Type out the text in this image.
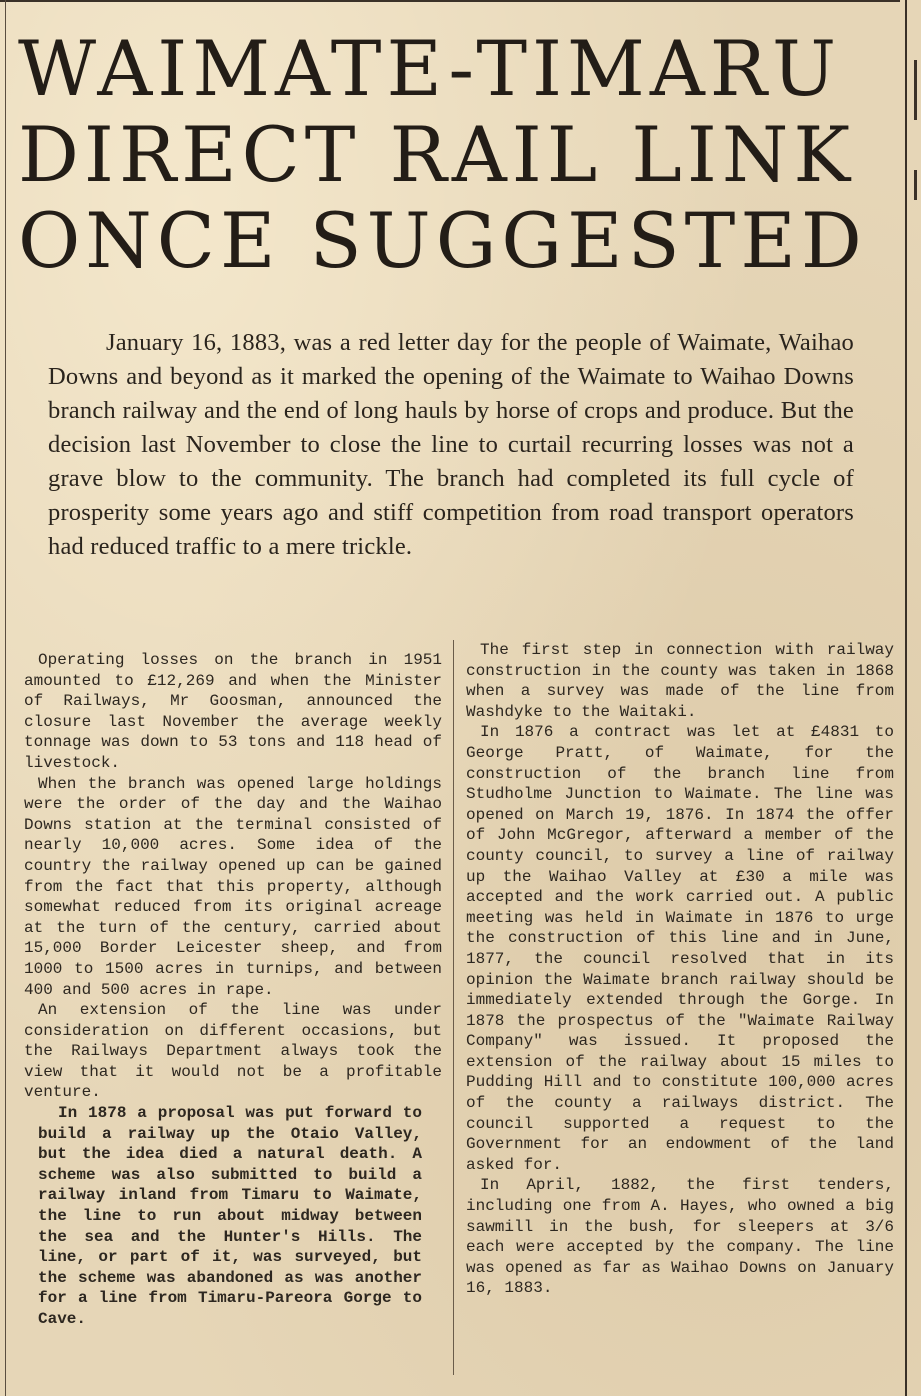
WAIMATE-TIMARU
DIRECT RAIL LINK
ONCE SUGGESTED

January 16, 1883, was a red letter day for the people of Waimate, Waihao Downs and beyond as it marked the opening of the Waimate to Waihao Downs branch railway and the end of long hauls by horse of crops and produce. But the decision last November to close the line to curtail recurring losses was not a grave blow to the community. The branch had completed its full cycle of prosperity some years ago and stiff competition from road transport operators had reduced traffic to a mere trickle.

Operating losses on the branch in 1951 amounted to £12,269 and when the Minister of Railways, Mr Goosman, announced the closure last November the average weekly tonnage was down to 53 tons and 118 head of livestock.

When the branch was opened large holdings were the order of the day and the Waihao Downs station at the terminal consisted of nearly 10,000 acres. Some idea of the country the railway opened up can be gained from the fact that this property, although somewhat reduced from its original acreage at the turn of the century, carried about 15,000 Border Leicester sheep, and from 1000 to 1500 acres in turnips, and between 400 and 500 acres in rape.

An extension of the line was under consideration on different occasions, but the Railways Department always took the view that it would not be a profitable venture.

In 1878 a proposal was put forward to build a railway up the Otaio Valley, but the idea died a natural death. A scheme was also submitted to build a railway inland from Timaru to Waimate, the line to run about midway between the sea and the Hunter's Hills. The line, or part of it, was surveyed, but the scheme was abandoned as was another for a line from Timaru-Pareora Gorge to Cave.

The first step in connection with railway construction in the county was taken in 1868 when a survey was made of the line from Washdyke to the Waitaki.

In 1876 a contract was let at £4831 to George Pratt, of Waimate, for the construction of the branch line from Studholme Junction to Waimate. The line was opened on March 19, 1876. In 1874 the offer of John McGregor, afterward a member of the county council, to survey a line of railway up the Waihao Valley at £30 a mile was accepted and the work carried out. A public meeting was held in Waimate in 1876 to urge the construction of this line and in June, 1877, the council resolved that in its opinion the Waimate branch railway should be immediately extended through the Gorge. In 1878 the prospectus of the "Waimate Railway Company" was issued. It proposed the extension of the railway about 15 miles to Pudding Hill and to constitute 100,000 acres of the county a railways district. The council supported a request to the Government for an endowment of the land asked for.

In April, 1882, the first tenders, including one from A. Hayes, who owned a big sawmill in the bush, for sleepers at 3/6 each were accepted by the company. The line was opened as far as Waihao Downs on January 16, 1883.
